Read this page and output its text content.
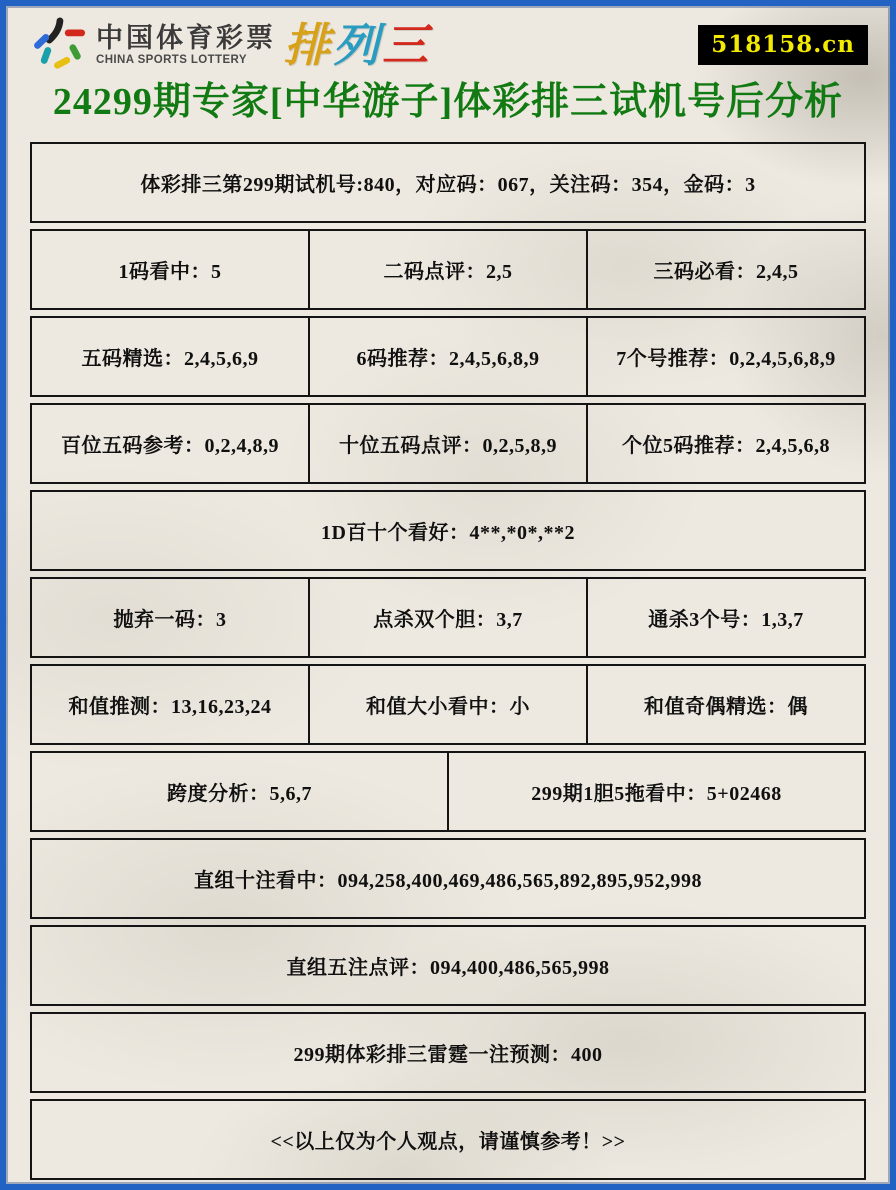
中国体育彩票
CHINA SPORTS LOTTERY 排列三	518158.cn
24299期专家[中华游子]体彩排三试机号后分析
体彩排三第299期试机号:840，对应码：067，关注码：354，金码：3
1码看中：5	二码点评：2,5	三码必看：2,4,5
五码精选：2,4,5,6,9	6码推荐：2,4,5,6,8,9	7个号推荐：0,2,4,5,6,8,9
百位五码参考：0,2,4,8,9	十位五码点评：0,2,5,8,9	个位5码推荐：2,4,5,6,8
1D百十个看好：4**,*0*,**2
抛弃一码：3	点杀双个胆：3,7	通杀3个号：1,3,7
和值推测：13,16,23,24	和值大小看中：小	和值奇偶精选：偶
跨度分析：5,6,7	299期1胆5拖看中：5+02468
直组十注看中：094,258,400,469,486,565,892,895,952,998
直组五注点评：094,400,486,565,998
299期体彩排三雷霆一注预测：400
<<以上仅为个人观点，请谨慎参考！>>
